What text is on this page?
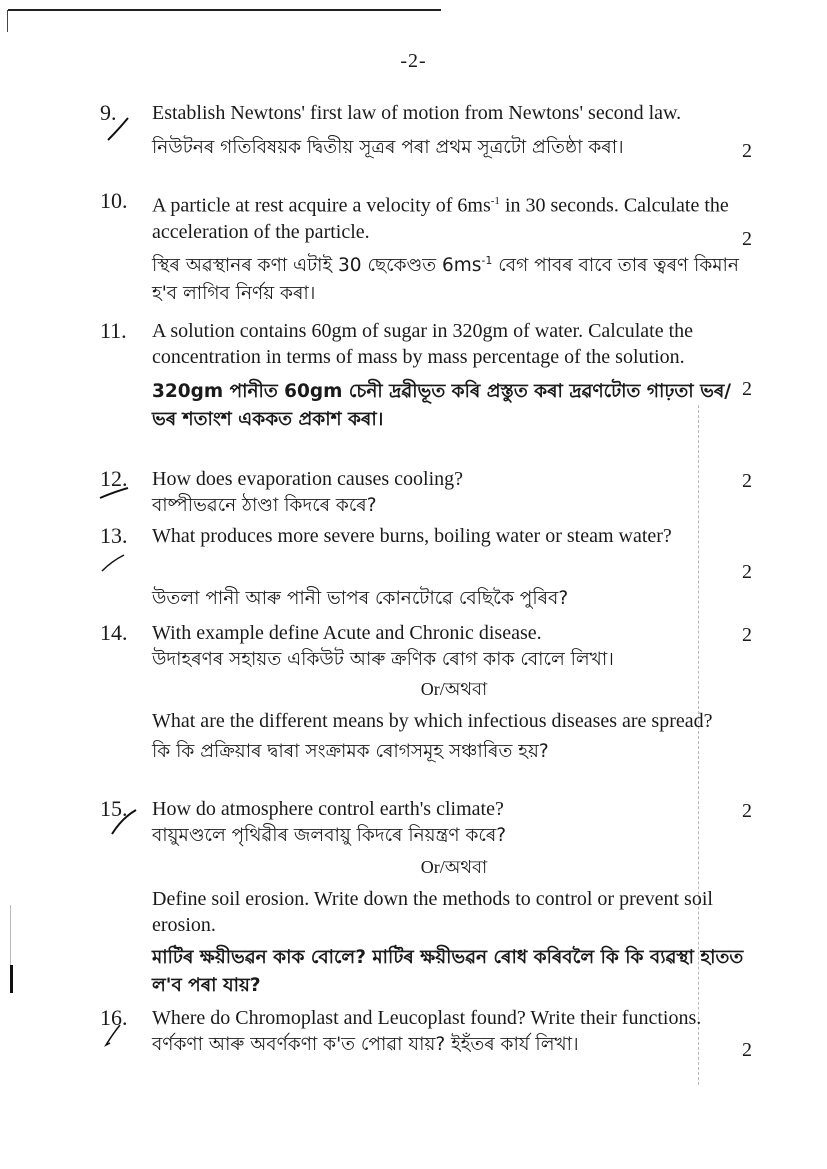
-2-
9. Establish Newtons' first law of motion from Newtons' second law.
2
নিউটনৰ গতিবিষয়ক দ্বিতীয় সূত্ৰৰ পৰা প্ৰথম সূত্ৰটো প্ৰতিষ্ঠা কৰা।
10. A particle at rest acquire a velocity of $6ms^{-1}$ in 30 seconds. Calculate the acceleration of the particle.	2
স্থিৰ অৱস্থানৰ কণা এটাই 30 ছেকেণ্ডত $6ms^{-1}$ বেগ পাবৰ বাবে তাৰ ত্বৰণ কিমান হ'ব লাগিব নিৰ্ণয় কৰা।
11. A solution contains 60gm of sugar in 320gm of water. Calculate the concentration in terms of mass by mass percentage of the solution.
2
320gm পানীত 60gm চেনী দ্ৰৱীভূত কৰি প্ৰস্তুত কৰা দ্ৰৱণটোত গাঢ়তা ভৰ/ভৰ শতাংশ এককত প্ৰকাশ কৰা।
12. How does evaporation causes cooling?	2
বাষ্পীভৱনে ঠাণ্ডা কিদৰে কৰে?
13. What produces more severe burns, boiling water or steam water?
2
উতলা পানী আৰু পানী ভাপৰ কোনটোৱে বেছিকৈ পুৰিব?
14. With example define Acute and Chronic disease.	2
উদাহৰণৰ সহায়ত একিউট আৰু ক্ৰণিক ৰোগ কাক বোলে লিখা।
Or/অথবা
What are the different means by which infectious diseases are spread?
কি কি প্ৰক্ৰিয়াৰ দ্বাৰা সংক্ৰামক ৰোগসমূহ সঞ্চাৰিত হয়?
15. How do atmosphere control earth's climate?	2
বায়ুমণ্ডলে পৃথিৱীৰ জলবায়ু কিদৰে নিয়ন্ত্ৰণ কৰে?
Or/অথবা
Define soil erosion. Write down the methods to control or prevent soil erosion.
মাটিৰ ক্ষয়ীভৱন কাক বোলে? মাটিৰ ক্ষয়ীভৱন ৰোধ কৰিবলৈ কি কি ব্যৱস্থা হাতত ল'ব পৰা যায়?
16. Where do Chromoplast and Leucoplast found? Write their functions.
2
বৰ্ণকণা আৰু অবৰ্ণকণা ক'ত পোৱা যায়? ইহঁতৰ কাৰ্য লিখা।
